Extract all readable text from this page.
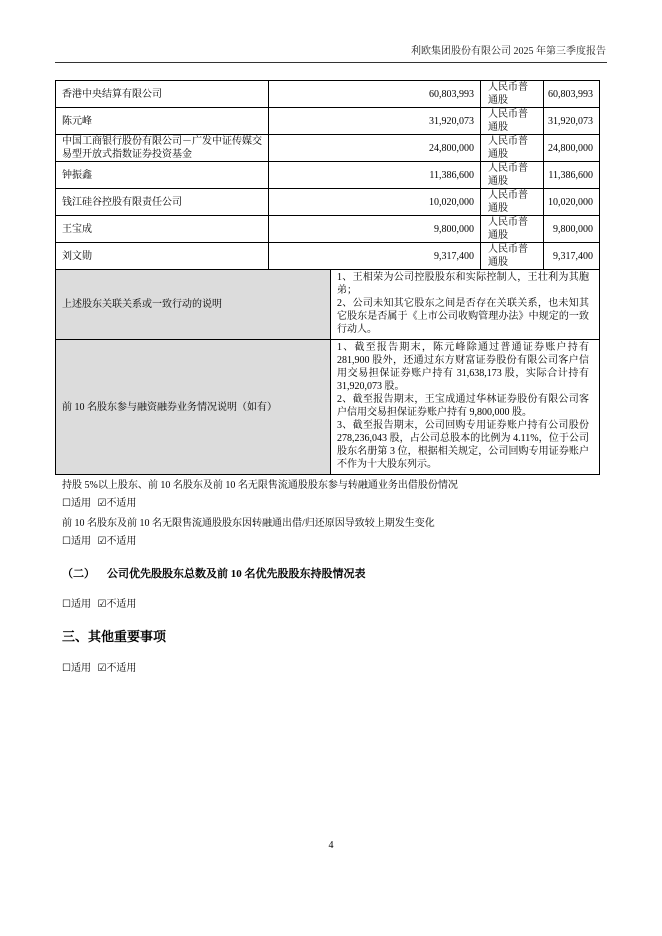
利欧集团股份有限公司 2025 年第三季度报告
香港中央结算有限公司	60,803,993		人民币普通股	60,803,993
陈元峰	31,920,073		人民币普通股	31,920,073
中国工商银行股份有限公司－广发中证传媒交易型开放式指数证券投资基金	24,800,000		人民币普通股	24,800,000
钟振鑫	11,386,600		人民币普通股	11,386,600
钱江硅谷控股有限责任公司	10,020,000		人民币普通股	10,020,000
王宝成	9,800,000		人民币普通股	9,800,000
刘文勋	9,317,400		人民币普通股	9,317,400
上述股东关联关系或一致行动的说明		1、王相荣为公司控股股东和实际控制人，王壮利为其胞弟；
2、公司未知其它股东之间是否存在关联关系，也未知其它股东是否属于《上市公司收购管理办法》中规定的一致行动人。		

前 10 名股东参与融资融券业务情况说明（如有）		1、截至报告期末，陈元峰除通过普通证券账户持有 281,900 股外，还通过东方财富证券股份有限公司客户信用交易担保证券账户持有 31,638,173 股，实际合计持有 31,920,073 股。
2、截至报告期末，王宝成通过华林证券股份有限公司客户信用交易担保证券账户持有 9,800,000 股。
3、截至报告期末，公司回购专用证券账户持有公司股份 278,236,043 股，占公司总股本的比例为 4.11%，位于公司股东名册第 3 位，根据相关规定，公司回购专用证券账户不作为十大股东列示。		
持股 5%以上股东、前 10 名股东及前 10 名无限售流通股股东参与转融通业务出借股份情况
☐适用 ☑不适用
前 10 名股东及前 10 名无限售流通股股东因转融通出借/归还原因导致较上期发生变化
☐适用 ☑不适用
（二） 公司优先股股东总数及前 10 名优先股股东持股情况表
☐适用 ☑不适用
三、其他重要事项
☐适用 ☑不适用
4
